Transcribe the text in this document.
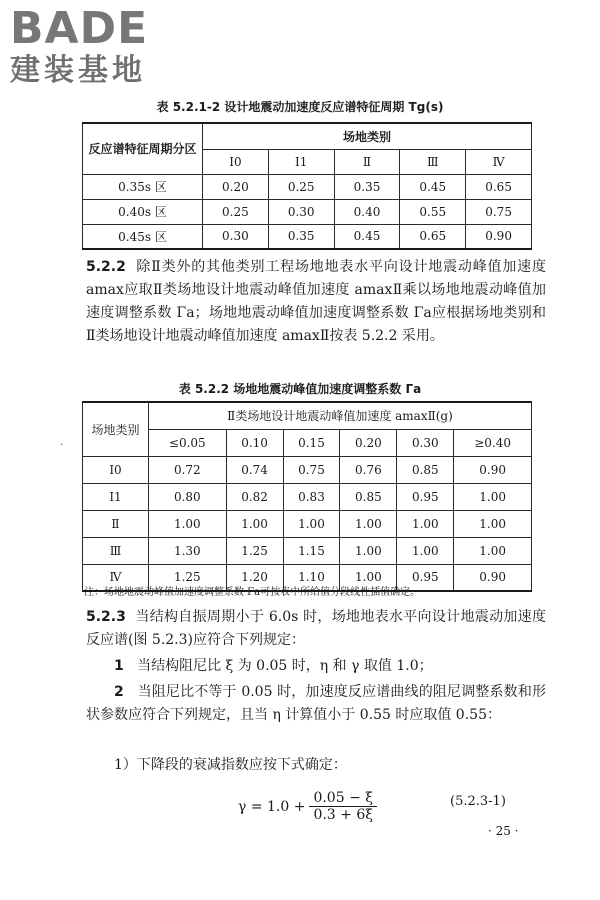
BADE
建装基地
表 5.2.1-2 设计地震动加速度反应谱特征周期 Tg(s)
反应谱特征周期分区	场地类别				
	I0	I1	Ⅱ	Ⅲ	Ⅳ
0.35s 区	0.20	0.25	0.35	0.45	0.65
0.40s 区	0.25	0.30	0.40	0.55	0.75
0.45s 区	0.30	0.35	0.45	0.65	0.90
5.2.2 除Ⅱ类外的其他类别工程场地地表水平向设计地震动峰值加速度 amax应取Ⅱ类场地设计地震动峰值加速度 amaxⅡ乘以场地地震动峰值加速度调整系数 Γa；场地地震动峰值加速度调整系数 Γa应根据场地类别和Ⅱ类场地设计地震动峰值加速度 amaxⅡ按表 5.2.2 采用。
表 5.2.2 场地地震动峰值加速度调整系数 Γa
场地类别	Ⅱ类场地设计地震动峰值加速度 amaxⅡ(g)					
	≤0.05	0.10	0.15	0.20	0.30	≥0.40
I0	0.72	0.74	0.75	0.76	0.85	0.90
I1	0.80	0.82	0.83	0.85	0.95	1.00
Ⅱ	1.00	1.00	1.00	1.00	1.00	1.00
Ⅲ	1.30	1.25	1.15	1.00	1.00	1.00
Ⅳ	1.25	1.20	1.10	1.00	0.95	0.90
·
注：场地地震动峰值加速度调整系数 Γa可按表中所给值分段线性插值确定。
5.2.3 当结构自振周期小于 6.0s 时，场地地表水平向设计地震动加速度反应谱(图 5.2.3)应符合下列规定：
1 当结构阻尼比 ξ 为 0.05 时，η 和 γ 取值 1.0；
2 当阻尼比不等于 0.05 时，加速度反应谱曲线的阻尼调整系数和形状参数应符合下列规定，且当 η 计算值小于 0.55 时应取值 0.55：
1）下降段的衰减指数应按下式确定：
$\gamma = 1.0 + \frac{0.05 - \xi}{0.3 + 6\xi}$	(5.2.3-1)
· 25 ·
